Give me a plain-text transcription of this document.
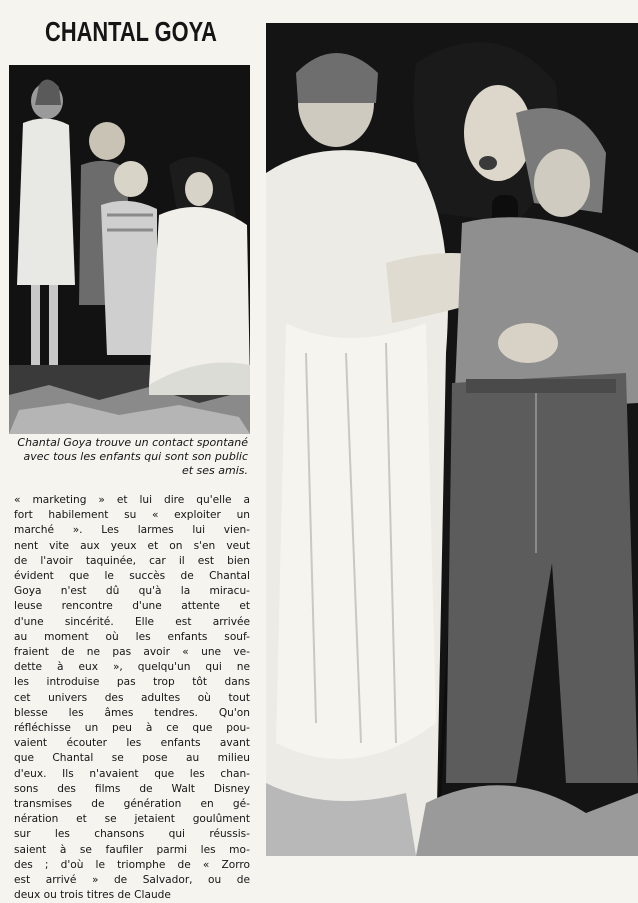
CHANTAL GOYA

Chantal Goya trouve un contact spontané avec tous les enfants qui sont son public et ses amis.

« marketing » et lui dire qu'elle a
fort habilement su « exploiter un
marché ». Les larmes lui vien-
nent vite aux yeux et on s'en veut
de l'avoir taquinée, car il est bien
évident que le succès de Chantal
Goya n'est dû qu'à la miracu-
leuse rencontre d'une attente et
d'une sincérité. Elle est arrivée
au moment où les enfants souf-
fraient de ne pas avoir « une ve-
dette à eux », quelqu'un qui ne
les introduise pas trop tôt dans
cet univers des adultes où tout
blesse les âmes tendres. Qu'on
réfléchisse un peu à ce que pou-
vaient écouter les enfants avant
que Chantal se pose au milieu
d'eux. Ils n'avaient que les chan-
sons des films de Walt Disney
transmises de génération en gé-
nération et se jetaient goulûment
sur les chansons qui réussis-
saient à se faufiler parmi les mo-
des ; d'où le triomphe de « Zorro
est arrivé » de Salvador, ou de
deux ou trois titres de Claude
